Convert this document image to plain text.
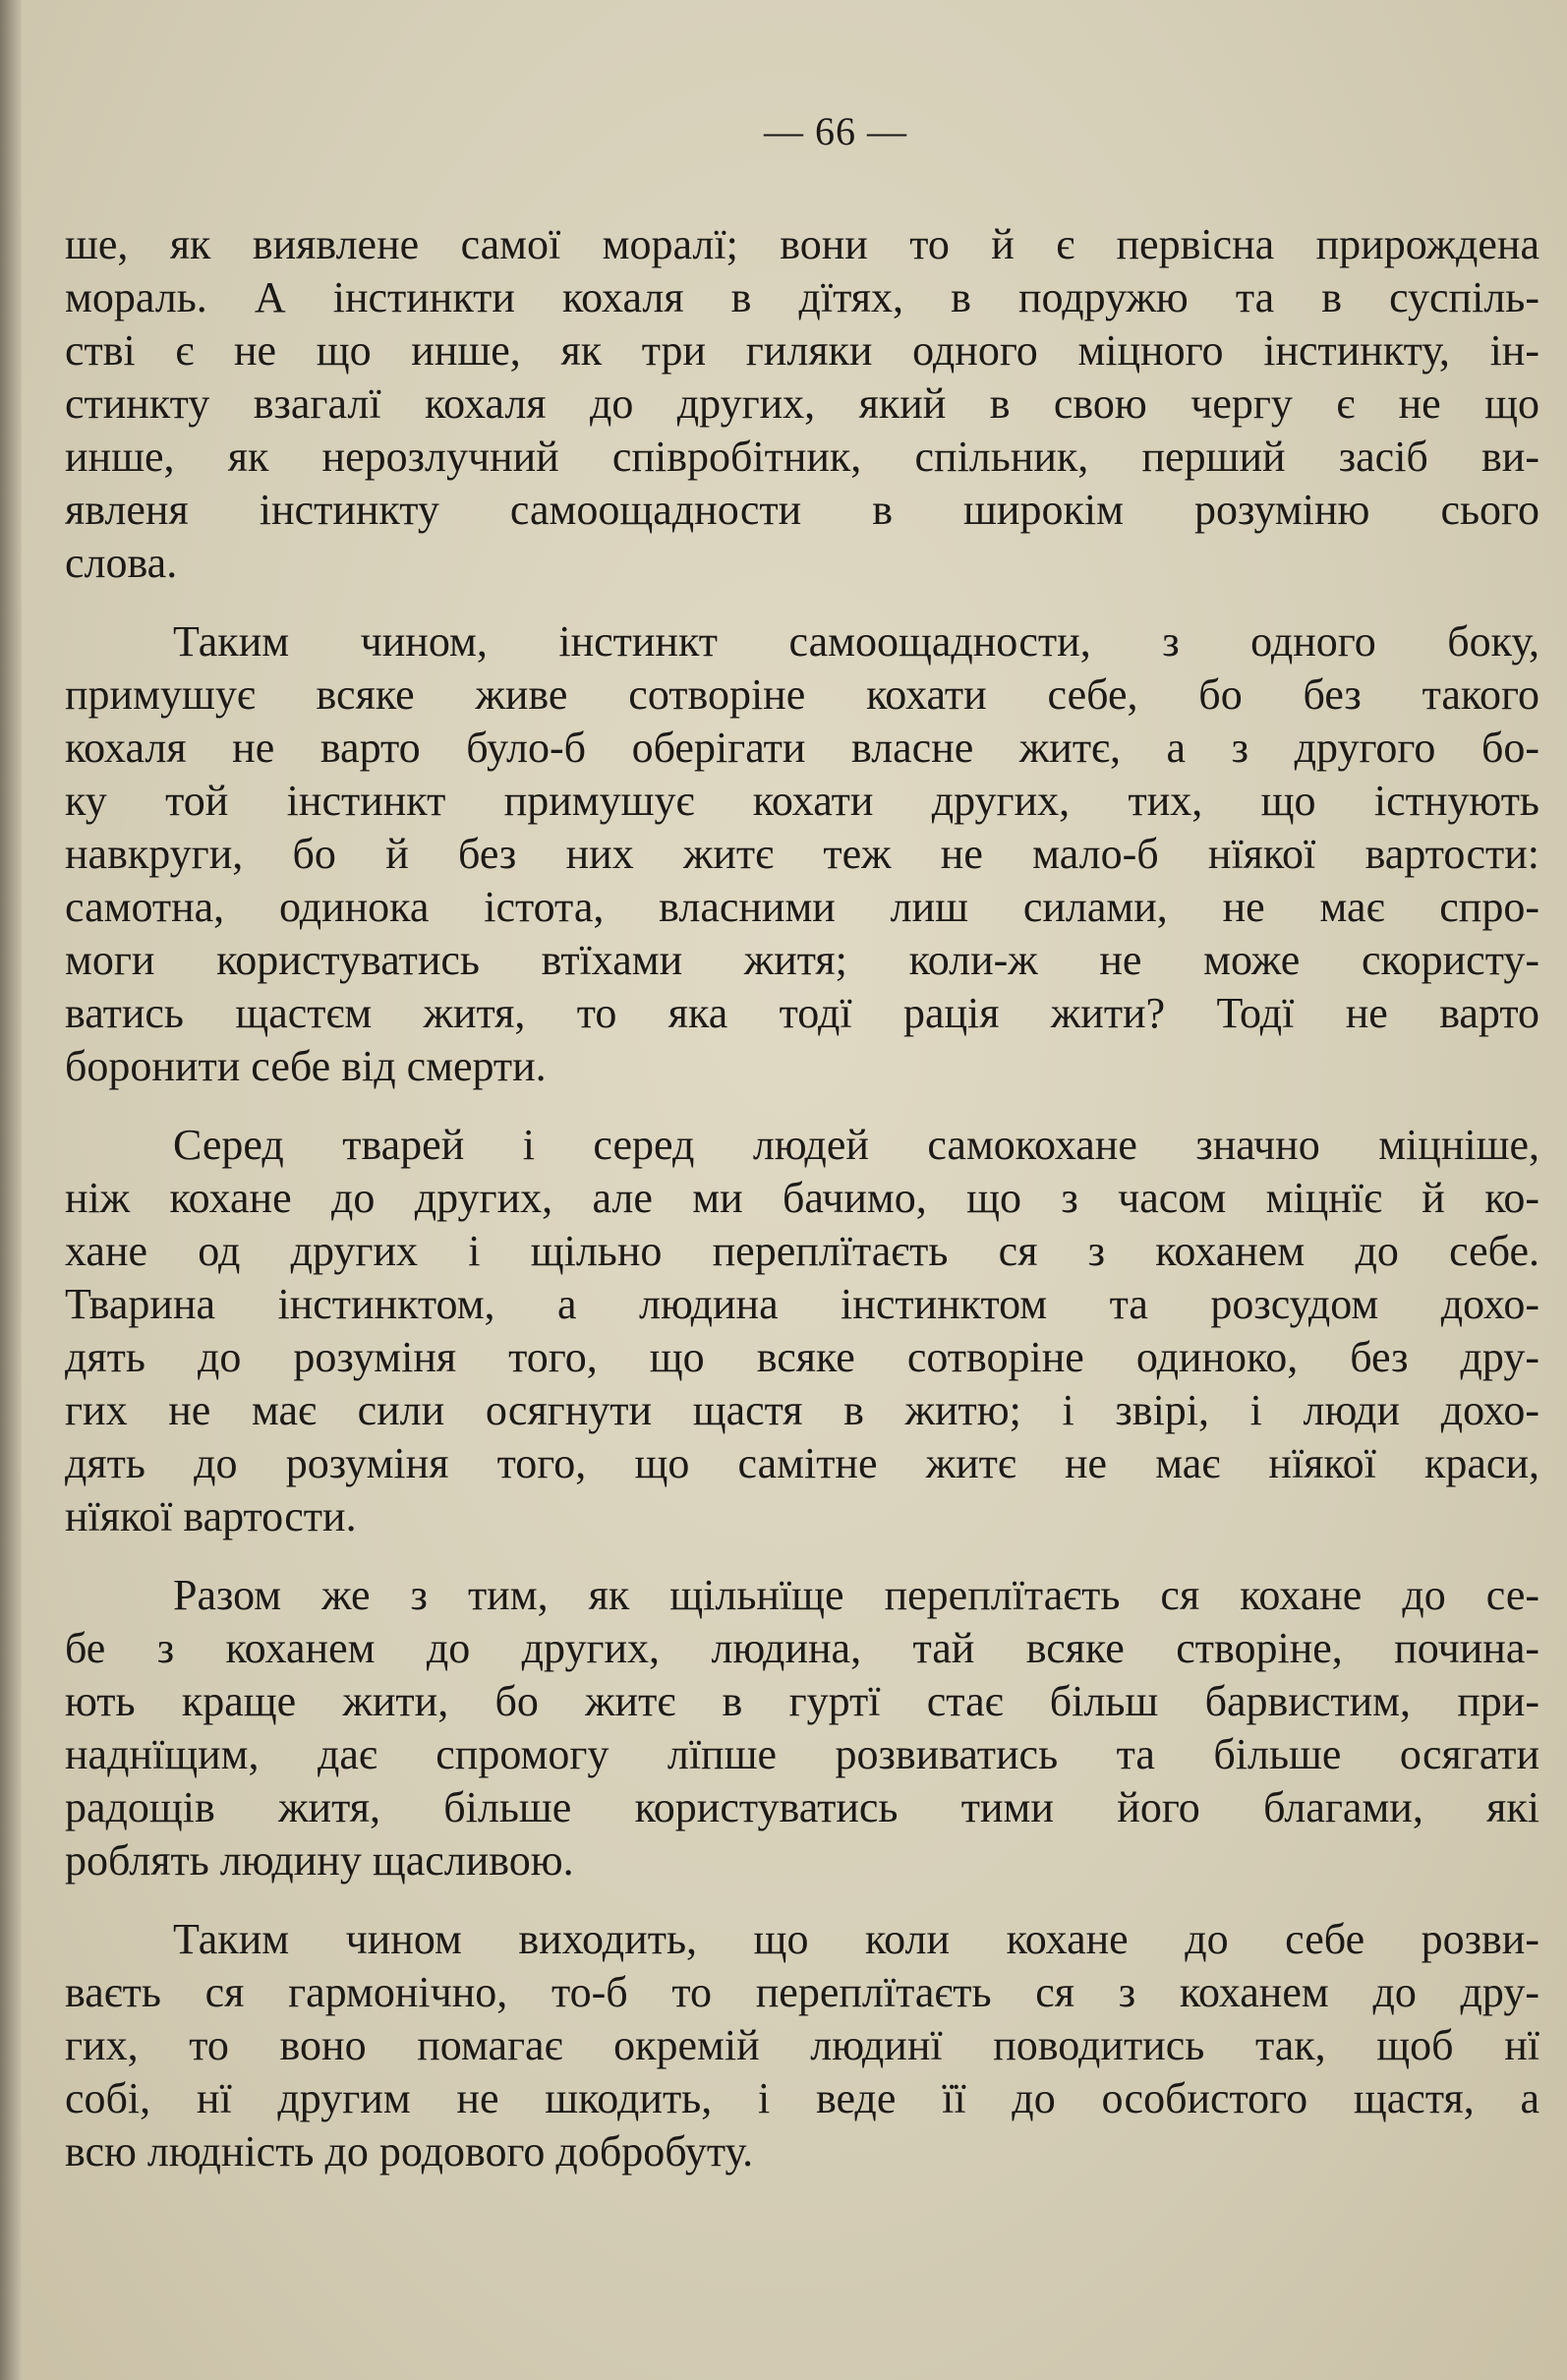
— 66 —

ше, як виявлене самої моралї; вони то й є первісна прирождена
мораль. А інстинкти кохаля в дїтях, в подружю та в суспіль-
стві є не що инше, як три гиляки одного міцного інстинкту, ін-
стинкту взагалї кохаля до других, який в свою чергу є не що
инше, як нерозлучний співробітник, спільник, перший засіб ви-
явленя інстинкту самоощадности в широкім розуміню сього
слова.

Таким чином, інстинкт самоощадности, з одного боку,
примушує всяке живе сотворіне кохати себе, бо без такого
кохаля не варто було-б оберігати власне житє, а з другого бо-
ку той інстинкт примушує кохати других, тих, що істнують
навкруги, бо й без них житє теж не мало-б нїякої вартости:
самотна, одинока істота, власними лиш силами, не має спро-
моги користуватись втїхами житя; коли-ж не може скористу-
ватись щастєм житя, то яка тодї рація жити? Тодї не варто
боронити себе від смерти.

Серед тварей і серед людей самокохане значно міцніше,
ніж кохане до других, але ми бачимо, що з часом міцнїє й ко-
хане од других і щільно переплїтаєть ся з коханем до себе.
Тварина інстинктом, а людина інстинктом та розсудом дохо-
дять до розуміня того, що всяке сотворіне одиноко, без дру-
гих не має сили осягнути щастя в житю; і звірі, і люди дохо-
дять до розуміня того, що самітне житє не має нїякої краси,
нїякої вартости.

Разом же з тим, як щільнїще переплїтаєть ся кохане до се-
бе з коханем до других, людина, тай всяке створіне, почина-
ють краще жити, бо житє в гуртї стає більш барвистим, при-
наднїщим, дає спромогу лїпше розвиватись та більше осягати
радощів житя, більше користуватись тими його благами, які
роблять людину щасливою.

Таким чином виходить, що коли кохане до себе розви-
ваєть ся гармонічно, то-б то переплїтаєть ся з коханем до дру-
гих, то воно помагає окремій людинї поводитись так, щоб нї
собі, нї другим не шкодить, і веде її до особистого щастя, а
всю людність до родового добробуту.
